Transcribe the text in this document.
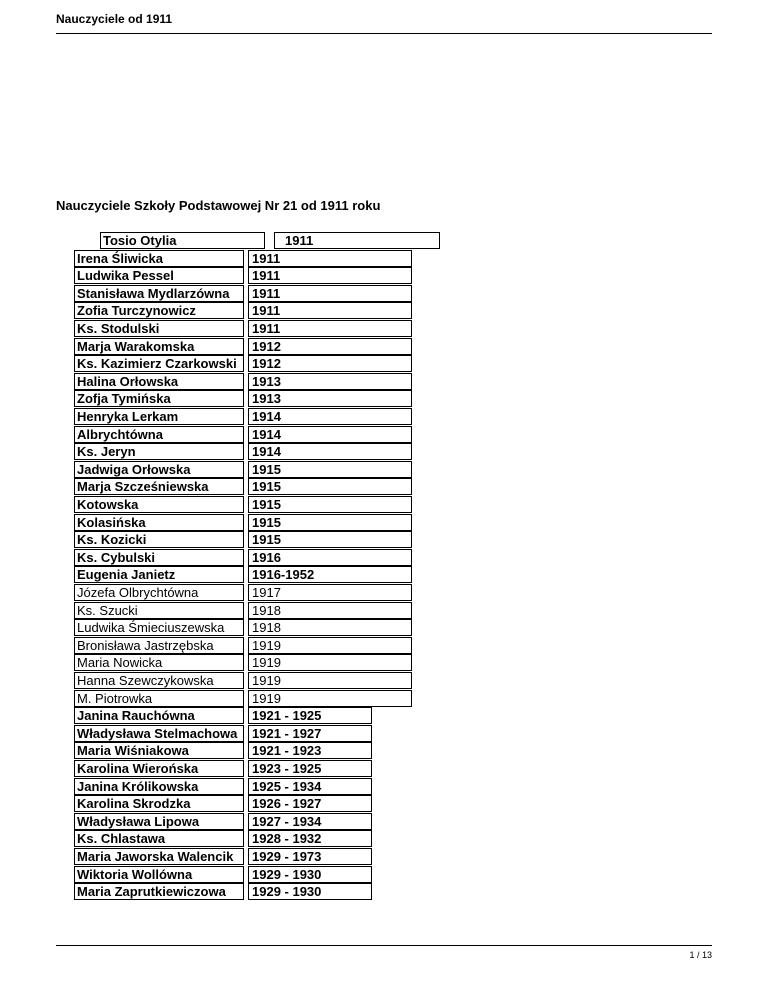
Nauczyciele od 1911
Nauczyciele Szkoły Podstawowej Nr 21 od 1911 roku
Tosio Otylia	1911
Irena Śliwicka	1911
Ludwika Pessel	1911
Stanisława Mydlarzówna	1911
Zofia Turczynowicz	1911
Ks. Stodulski	1911
Marja Warakomska	1912
Ks. Kazimierz Czarkowski	1912
Halina Orłowska	1913
Zofja Tymińska	1913
Henryka Lerkam	1914
Albrychtówna	1914
Ks. Jeryn	1914
Jadwiga Orłowska	1915
Marja Szcześniewska	1915
Kotowska	1915
Kolasińska	1915
Ks. Kozicki	1915
Ks. Cybulski	1916
Eugenia Janietz	1916-1952
Józefa Olbrychtówna	1917
Ks. Szucki	1918
Ludwika Śmieciuszewska	1918
Bronisława Jastrzębska	1919
Maria Nowicka	1919
Hanna Szewczykowska	1919
M. Piotrowka	1919
Janina Rauchówna	1921 - 1925
Władysława Stelmachowa	1921 - 1927
Maria Wiśniakowa	1921 - 1923
Karolina Wierońska	1923 - 1925
Janina Królikowska	1925 - 1934
Karolina Skrodzka	1926 - 1927
Władysława Lipowa	1927 - 1934
Ks. Chlastawa	1928 - 1932
Maria Jaworska Walencik	1929 - 1973
Wiktoria Wollówna	1929 - 1930
Maria Zaprutkiewiczowa	1929 - 1930
1 / 13
